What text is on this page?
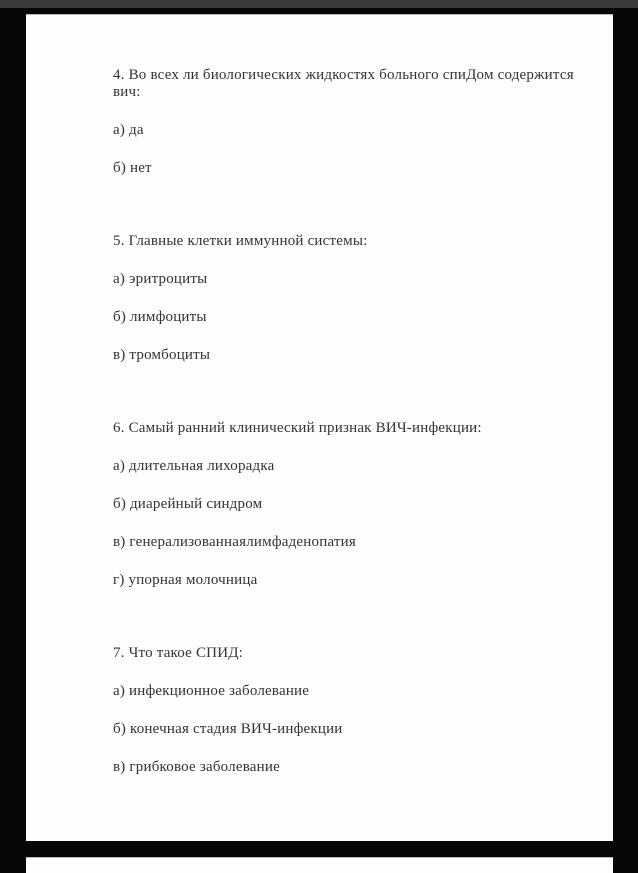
4. Во всех ли биологических жидкостях больного спиДом содержится вич:

а) да

б) нет

5. Главные клетки иммунной системы:

а) эритроциты

б) лимфоциты

в) тромбоциты

6. Самый ранний клинический признак ВИЧ-инфекции:

а) длительная лихорадка

б) диарейный синдром

в) генерализованнаялимфаденопатия

г) упорная молочница

7. Что такое СПИД:

а) инфекционное заболевание

б) конечная стадия ВИЧ-инфекции

в) грибковое заболевание
